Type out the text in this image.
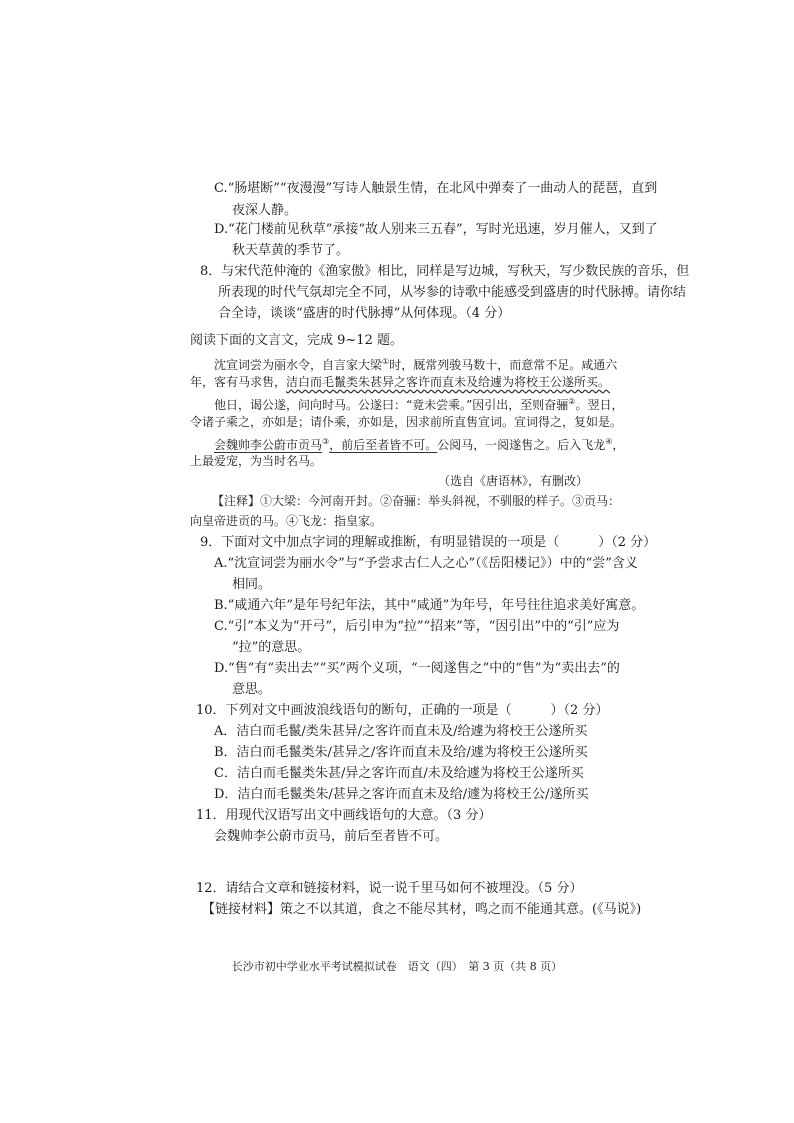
C.“肠堪断”“夜漫漫”写诗人触景生情，在北风中弹奏了一曲动人的琵琶，直到
夜深人静。
D.“花门楼前见秋草”承接“故人别来三五春”，写时光迅速，岁月催人，又到了
秋天草黄的季节了。
8．与宋代范仲淹的《渔家傲》相比，同样是写边城，写秋天，写少数民族的音乐，但
所表现的时代气氛却完全不同，从岑参的诗歌中能感受到盛唐的时代脉搏。请你结
合全诗，谈谈“盛唐的时代脉搏”从何体现。（4 分）
阅读下面的文言文，完成 9~12 题。
沈宣词尝为丽水令，自言家大梁①时，厩常列骏马数十，而意常不足。咸通六
年，客有马求售，洁白而毛鬣类朱甚异之客许而直未及给遽为将校王公遂所买。
他日，谒公遂，问向时马。公遂曰：“竟未尝乘。”因引出，至则奋骊②。翌日，
令诸子乘之，亦如是；请仆乘，亦如是，因求前所直售宣词。宣词得之，复如是。
会魏帅李公蔚市贡马③，前后至者皆不可。公阅马，一阅遂售之。后入飞龙④，
上最爱宠，为当时名马。
（选自《唐语林》，有删改）
【注释】①大梁：今河南开封。②奋骊：举头斜视，不驯服的样子。③贡马：
向皇帝进贡的马。④飞龙：指皇家。
9．下面对文中加点字词的理解或推断，有明显错误的一项是（　　　）（2 分）
A.“沈宣词尝为丽水令”与“予尝求古仁人之心”（《岳阳楼记》）中的“尝”含义
相同。
B.“咸通六年”是年号纪年法，其中“咸通”为年号，年号往往追求美好寓意。
C.“引”本义为“开弓”，后引申为“拉”“招来”等，“因引出”中的“引”应为
“拉”的意思。
D.“售”有“卖出去”“买”两个义项，“一阅遂售之”中的“售”为“卖出去”的
意思。
10．下列对文中画波浪线语句的断句，正确的一项是（　　　）（2 分）
A．洁白而毛鬣/类朱甚异/之客许而直未及/给遽为将校王公遂所买
B．洁白而毛鬣类朱/甚异之/客许而直未及给/遽为将校王公遂所买
C．洁白而毛鬣类朱甚/异之客许而直/未及给遽为将校王公遂所买
D．洁白而毛鬣类朱/甚异之客许而直未及给/遽为将校王公/遂所买
11．用现代汉语写出文中画线语句的大意。（3 分）
会魏帅李公蔚市贡马，前后至者皆不可。
12．请结合文章和链接材料，说一说千里马如何不被埋没。（5 分）
【链接材料】策之不以其道，食之不能尽其材，鸣之而不能通其意。(《马说》)
长沙市初中学业水平考试模拟试卷　语文（四）　第 3 页（共 8 页）
